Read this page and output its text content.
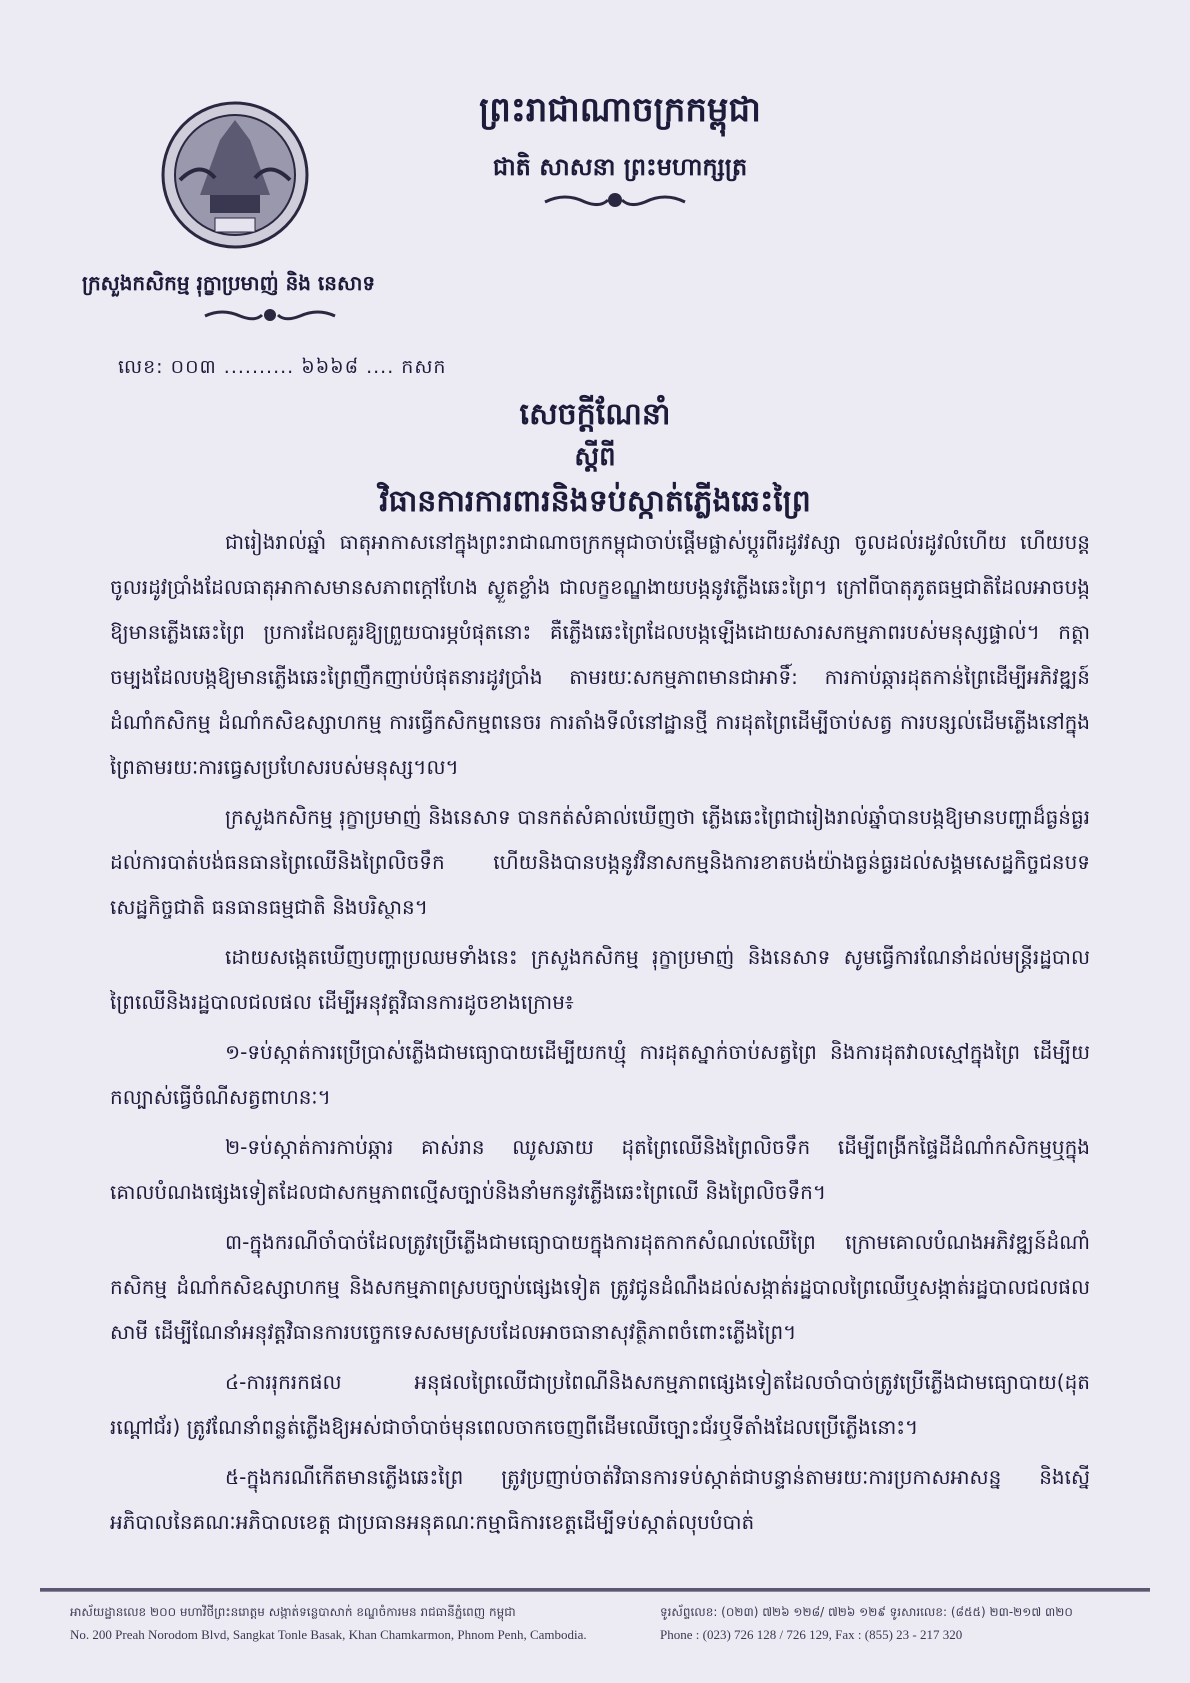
ព្រះរាជាណាចក្រកម្ពុជា
ជាតិ សាសនា ព្រះមហាក្សត្រ
ក្រសួងកសិកម្ម រុក្ខាប្រមាញ់ និង នេសាទ
លេខ: ០០៣ .......... ៦៦៦៨ .... កសក
សេចក្ដីណែនាំ
ស្ដីពី
វិធានការការពារនិងទប់ស្កាត់ភ្លើងឆេះព្រៃ

ជារៀងរាល់ឆ្នាំ ធាតុអាកាសនៅក្នុងព្រះរាជាណាចក្រកម្ពុជាចាប់ផ្ដើមផ្លាស់ប្ដូរពីរដូវវស្សា ចូលដល់រដូវលំហើយ ហើយបន្តចូលរដូវប្រាំងដែលធាតុអាកាសមានសភាពក្ដៅហែង ស្ងួតខ្លាំង ជាលក្ខខណ្ឌងាយបង្កនូវភ្លើងឆេះព្រៃ។ ក្រៅពីបាតុភូតធម្មជាតិដែលអាចបង្កឱ្យមានភ្លើងឆេះព្រៃ ប្រការដែលគួរឱ្យព្រួយបារម្ភបំផុតនោះ គឺភ្លើងឆេះព្រៃដែលបង្កឡើងដោយសារសកម្មភាពរបស់មនុស្សផ្ទាល់។ កត្តាចម្បងដែលបង្កឱ្យមានភ្លើងឆេះព្រៃញឹកញាប់បំផុតនារដូវប្រាំង តាមរយៈសកម្មភាពមានជាអាទិ៍: ការកាប់ឆ្ការដុតកាន់ព្រៃដើម្បីអភិវឌ្ឍន៍ដំណាំកសិកម្ម ដំណាំកសិឧស្សាហកម្ម ការធ្វើកសិកម្មពនេចរ ការតាំងទីលំនៅដ្ឋានថ្មី ការដុតព្រៃដើម្បីចាប់សត្វ ការបន្សល់ដើមភ្លើងនៅក្នុងព្រៃតាមរយៈការធ្វេសប្រហែសរបស់មនុស្ស។ល។

ក្រសួងកសិកម្ម រុក្ខាប្រមាញ់ និងនេសាទ បានកត់សំគាល់ឃើញថា ភ្លើងឆេះព្រៃជារៀងរាល់ឆ្នាំបានបង្កឱ្យមានបញ្ហាដ៏ធ្ងន់ធ្ងរដល់ការបាត់បង់ធនធានព្រៃឈើនិងព្រៃលិចទឹក ហើយនិងបានបង្កនូវវិនាសកម្មនិងការខាតបង់យ៉ាងធ្ងន់ធ្ងរដល់សង្គមសេដ្ឋកិច្ចជនបទ សេដ្ឋកិច្ចជាតិ ធនធានធម្មជាតិ និងបរិស្ថាន។

ដោយសង្កេតឃើញបញ្ហាប្រឈមទាំងនេះ ក្រសួងកសិកម្ម រុក្ខាប្រមាញ់ និងនេសាទ សូមធ្វើការណែនាំដល់មន្ត្រីរដ្ឋបាលព្រៃឈើនិងរដ្ឋបាលជលផល ដើម្បីអនុវត្តវិធានការដូចខាងក្រោម៖

១-ទប់ស្កាត់ការប្រើប្រាស់ភ្លើងជាមធ្យោបាយដើម្បីយកឃ្មុំ ការដុតស្នាក់ចាប់សត្វព្រៃ និងការដុតវាលស្មៅក្នុងព្រៃ ដើម្បីយកល្បាស់ធ្វើចំណីសត្វពាហនៈ។

២-ទប់ស្កាត់ការកាប់ឆ្ការ គាស់រាន ឈូសឆាយ ដុតព្រៃឈើនិងព្រៃលិចទឹក ដើម្បីពង្រីកផ្ទៃដីដំណាំកសិកម្មឬក្នុងគោលបំណងផ្សេងទៀតដែលជាសកម្មភាពល្មើសច្បាប់និងនាំមកនូវភ្លើងឆេះព្រៃឈើ និងព្រៃលិចទឹក។

៣-ក្នុងករណីចាំបាច់ដែលត្រូវប្រើភ្លើងជាមធ្យោបាយក្នុងការដុតកាកសំណល់ឈើព្រៃ ក្រោមគោលបំណងអភិវឌ្ឍន៍ដំណាំកសិកម្ម ដំណាំកសិឧស្សាហកម្ម និងសកម្មភាពស្របច្បាប់ផ្សេងទៀត ត្រូវជូនដំណឹងដល់សង្កាត់រដ្ឋបាលព្រៃឈើឬសង្កាត់រដ្ឋបាលជលផលសាមី ដើម្បីណែនាំអនុវត្តវិធានការបច្ចេកទេសសមស្របដែលអាចធានាសុវត្ថិភាពចំពោះភ្លើងព្រៃ។

៤-ការរុករកផល អនុផលព្រៃឈើជាប្រពៃណីនិងសកម្មភាពផ្សេងទៀតដែលចាំបាច់ត្រូវប្រើភ្លើងជាមធ្យោបាយ(ដុតរណ្ដៅជ័រ) ត្រូវណែនាំពន្លត់ភ្លើងឱ្យអស់ជាចាំបាច់មុនពេលចាកចេញពីដើមឈើច្បោះជ័រឬទីតាំងដែលប្រើភ្លើងនោះ។

៥-ក្នុងករណីកើតមានភ្លើងឆេះព្រៃ ត្រូវប្រញាប់ចាត់វិធានការទប់ស្កាត់ជាបន្ទាន់តាមរយៈការប្រកាសអាសន្ន និងស្នើអភិបាលនៃគណៈអភិបាលខេត្ត ជាប្រធានអនុគណៈកម្មាធិការខេត្តដើម្បីទប់ស្កាត់លុបបំបាត់

អាស័យដ្ឋានលេខ ២០០ មហាវិថីព្រះនរោត្តម សង្កាត់ទន្លេបាសាក់ ខណ្ឌចំការមន រាជធានីភ្នំពេញ កម្ពុជា
No. 200 Preah Norodom Blvd, Sangkat Tonle Basak, Khan Chamkarmon, Phnom Penh, Cambodia.
ទូរស័ព្ទលេខ: (០២៣) ៧២៦ ១២៨/ ៧២៦ ១២៩ ទូរសារលេខ: (៨៥៥) ២៣-២១៧ ៣២០
Phone : (023) 726 128 / 726 129, Fax : (855) 23 - 217 320
